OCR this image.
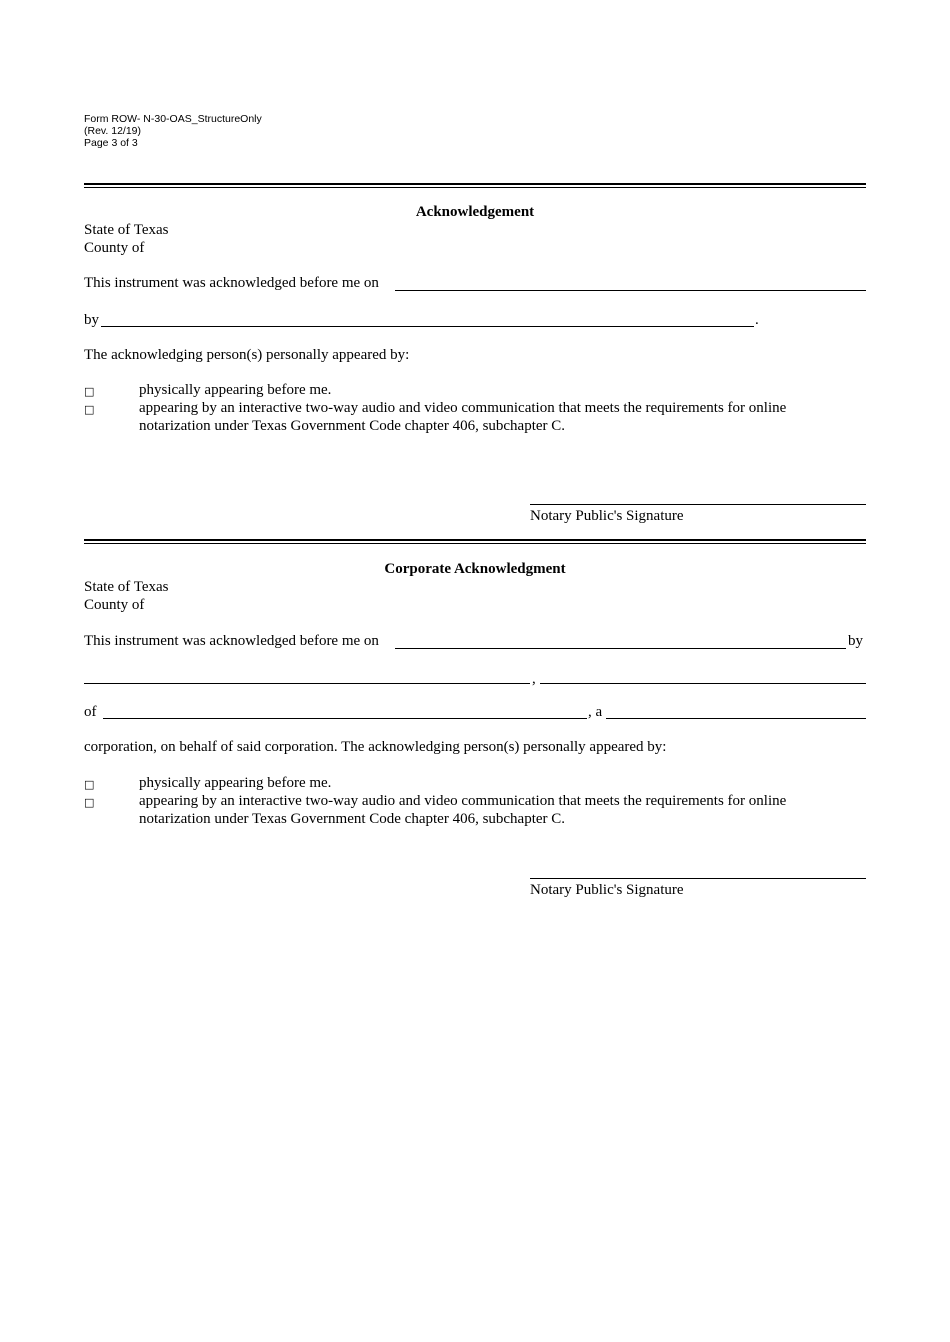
Form ROW- N-30-OAS_StructureOnly
(Rev. 12/19)
Page 3 of 3
Acknowledgement
State of Texas
County of
This instrument was acknowledged before me on
by	.
The acknowledging person(s) personally appeared by:
□	physically appearing before me.
□	appearing by an interactive two-way audio and video communication that meets the requirements for online
notarization under Texas Government Code chapter 406, subchapter C.
Notary Public's Signature
Corporate Acknowledgment
State of Texas
County of
This instrument was acknowledged before me on	by
,
of	, a
corporation, on behalf of said corporation. The acknowledging person(s) personally appeared by:
□	physically appearing before me.
□	appearing by an interactive two-way audio and video communication that meets the requirements for online
notarization under Texas Government Code chapter 406, subchapter C.
Notary Public's Signature
